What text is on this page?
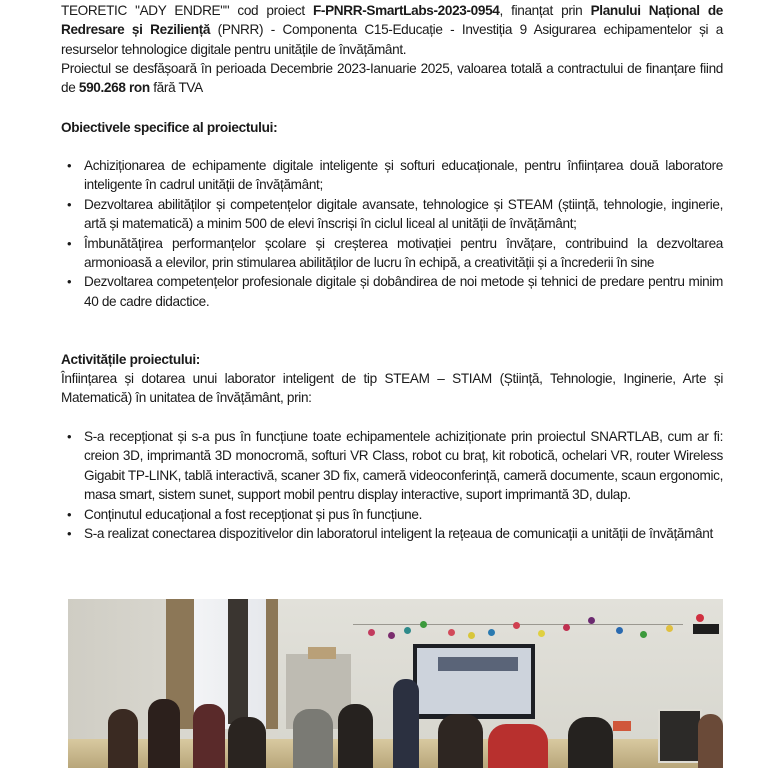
TEORETIC "ADY ENDRE"" cod proiect F-PNRR-SmartLabs-2023-0954, finanțat prin Planului Național de Redresare și Reziliență (PNRR) - Componenta C15-Educație - Investiția 9 Asigurarea echipamentelor și a resurselor tehnologice digitale pentru unitățile de învățământ.

Proiectul se desfășoară în perioada Decembrie 2023-Ianuarie 2025, valoarea totală a contractului de finanțare fiind de 590.268 ron fără TVA

Obiectivele specifice al proiectului:
• Achiziționarea de echipamente digitale inteligente și softuri educaționale, pentru înființarea două laboratore inteligente în cadrul unității de învățământ;
• Dezvoltarea abilităților și competențelor digitale avansate, tehnologice și STEAM (știință, tehnologie, inginerie, artă și matematică) a minim 500 de elevi înscriși în ciclul liceal al unității de învățământ;
• Îmbunătățirea performanțelor școlare și creșterea motivației pentru învățare, contribuind la dezvoltarea armonioasă a elevilor, prin stimularea abilităților de lucru în echipă, a creativității și a încrederii în sine
• Dezvoltarea competențelor profesionale digitale și dobândirea de noi metode și tehnici de predare pentru minim 40 de cadre didactice.
Activitățile proiectului:

Înființarea și dotarea unui laborator inteligent de tip STEAM – STIAM (Știință, Tehnologie, Inginerie, Arte și Matematică) în unitatea de învățământ, prin:

• S-a recepționat și s-a pus în funcțiune toate echipamentele achiziționate prin proiectul SNARTLAB, cum ar fi: creion 3D, imprimantă 3D monocromă, softuri VR Class, robot cu braț, kit robotică, ochelari VR, router Wireless Gigabit TP-LINK, tablă interactivă, scaner 3D fix, cameră videoconferință, cameră documente, scaun ergonomic, masa smart, sistem sunet, support mobil pentru display interactive, suport imprimantă 3D, dulap.
• Conținutul educațional a fost recepționat și pus în funcțiune.
• S-a realizat conectarea dispozitivelor din laboratorul inteligent la rețeaua de comunicații a unității de învățământ
